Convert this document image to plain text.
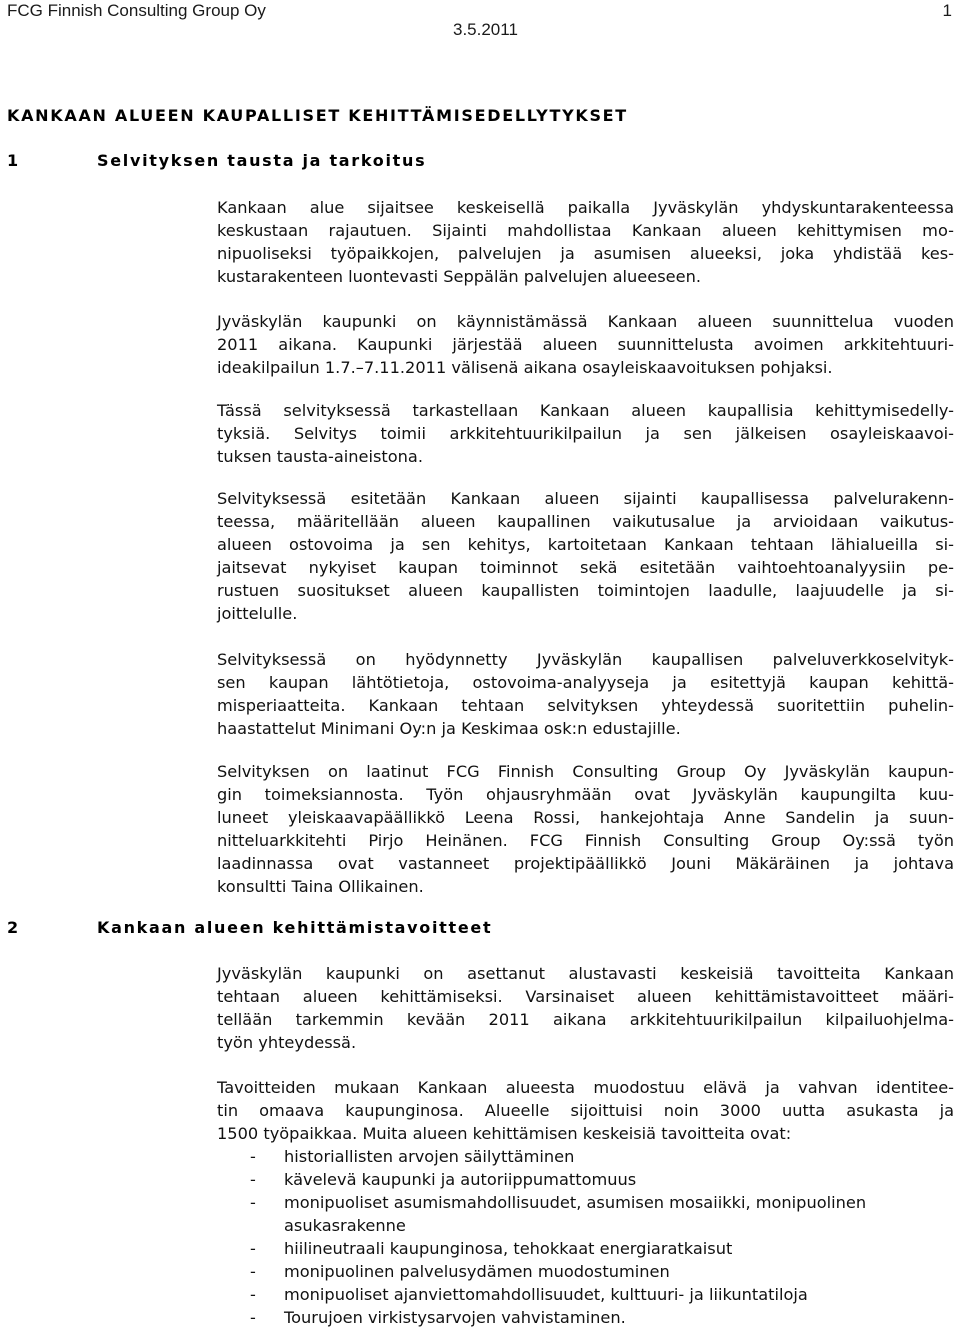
FCG Finnish Consulting Group Oy	1
3.5.2011
KANKAAN ALUEEN KAUPALLISET KEHITTÄMISEDELLYTYKSET
1	Selvityksen tausta ja tarkoitus
Kankaan alue sijaitsee keskeisellä paikalla Jyväskylän yhdyskuntarakenteessa
keskustaan rajautuen. Sijainti mahdollistaa Kankaan alueen kehittymisen mo-
nipuoliseksi työpaikkojen, palvelujen ja asumisen alueeksi, joka yhdistää kes-
kustarakenteen luontevasti Seppälän palvelujen alueeseen.
Jyväskylän kaupunki on käynnistämässä Kankaan alueen suunnittelua vuoden
2011 aikana. Kaupunki järjestää alueen suunnittelusta avoimen arkkitehtuuri-
ideakilpailun 1.7.–7.11.2011 välisenä aikana osayleiskaavoituksen pohjaksi.
Tässä selvityksessä tarkastellaan Kankaan alueen kaupallisia kehittymisedelly-
tyksiä. Selvitys toimii arkkitehtuurikilpailun ja sen jälkeisen osayleiskaavoi-
tuksen tausta-aineistona.
Selvityksessä esitetään Kankaan alueen sijainti kaupallisessa palvelurakenn-
teessa, määritellään alueen kaupallinen vaikutusalue ja arvioidaan vaikutus-
alueen ostovoima ja sen kehitys, kartoitetaan Kankaan tehtaan lähialueilla si-
jaitsevat nykyiset kaupan toiminnot sekä esitetään vaihtoehtoanalyysiin pe-
rustuen suositukset alueen kaupallisten toimintojen laadulle, laajuudelle ja si-
joittelulle.
Selvityksessä on hyödynnetty Jyväskylän kaupallisen palveluverkkoselvityk-
sen kaupan lähtötietoja, ostovoima-analyyseja ja esitettyjä kaupan kehittä-
misperiaatteita. Kankaan tehtaan selvityksen yhteydessä suoritettiin puhelin-
haastattelut Minimani Oy:n ja Keskimaa osk:n edustajille.
Selvityksen on laatinut FCG Finnish Consulting Group Oy Jyväskylän kaupun-
gin toimeksiannosta. Työn ohjausryhmään ovat Jyväskylän kaupungilta kuu-
luneet yleiskaavapäällikkö Leena Rossi, hankejohtaja Anne Sandelin ja suun-
nitteluarkkitehti Pirjo Heinänen. FCG Finnish Consulting Group Oy:ssä työn
laadinnassa ovat vastanneet projektipäällikkö Jouni Mäkäräinen ja johtava
konsultti Taina Ollikainen.
2	Kankaan alueen kehittämistavoitteet
Jyväskylän kaupunki on asettanut alustavasti keskeisiä tavoitteita Kankaan
tehtaan alueen kehittämiseksi. Varsinaiset alueen kehittämistavoitteet määri-
tellään tarkemmin kevään 2011 aikana arkkitehtuurikilpailun kilpailuohjelma-
työn yhteydessä.
Tavoitteiden mukaan Kankaan alueesta muodostuu elävä ja vahvan identitee-
tin omaava kaupunginosa. Alueelle sijoittuisi noin 3000 uutta asukasta ja
1500 työpaikkaa. Muita alueen kehittämisen keskeisiä tavoitteita ovat:
- historiallisten arvojen säilyttäminen
- kävelevä kaupunki ja autoriippumattomuus
- monipuoliset asumismahdollisuudet, asumisen mosaiikki, monipuolinen
asukasrakenne
- hiilineutraali kaupunginosa, tehokkaat energiaratkaisut
- monipuolinen palvelusydämen muodostuminen
- monipuoliset ajanviettomahdollisuudet, kulttuuri- ja liikuntatiloja
- Tourujoen virkistysarvojen vahvistaminen.
